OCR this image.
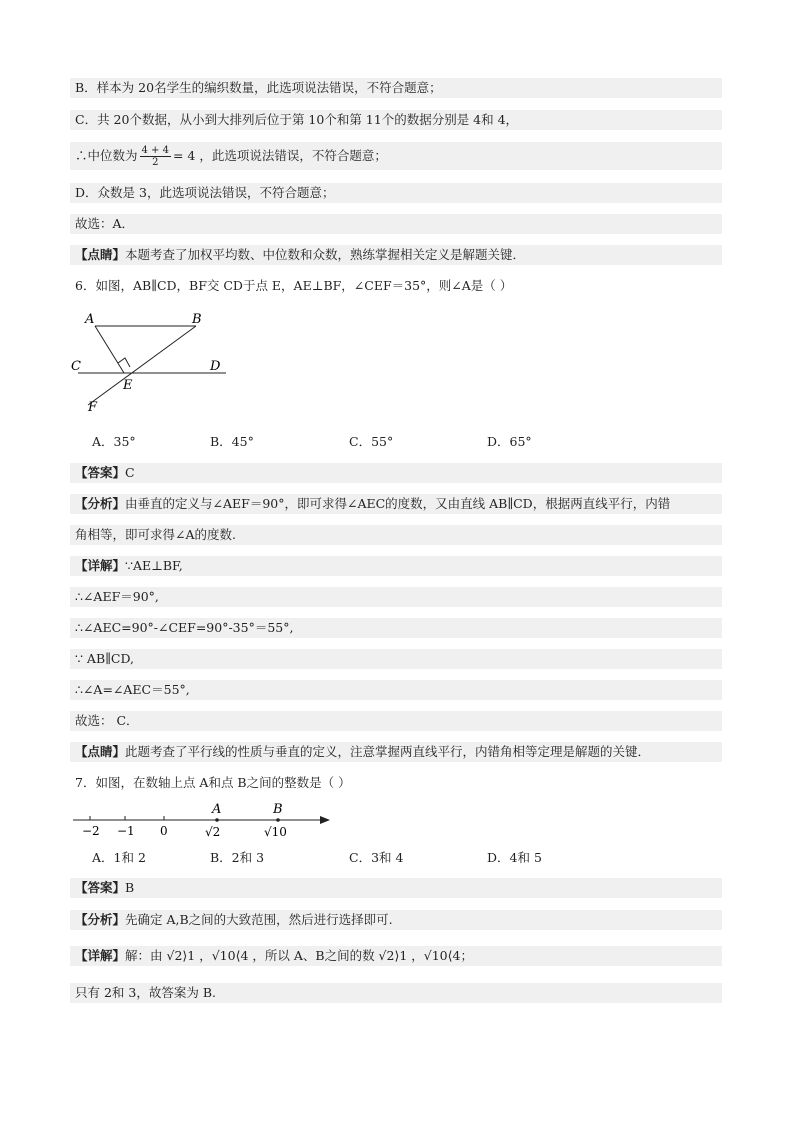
B．样本为 20名学生的编织数量，此选项说法错误，不符合题意；
C．共 20个数据，从小到大排列后位于第 10个和第 11个的数据分别是 4和 4，
∴中位数为 $\frac{4 + 4}{2} = 4$ ，此选项说法错误，不符合题意；
D．众数是 3，此选项说法错误，不符合题意；
故选：A．
【点睛】本题考查了加权平均数、中位数和众数，熟练掌握相关定义是解题关键．
6．如图，AB∥CD，BF交 CD于点 E，AE⊥BF，∠CEF＝35°，则∠A是（ ）
A	B
C	D
E
F
A．35°	B．45°	C．55°	D．65°
【答案】C
【分析】由垂直的定义与∠AEF＝90°，即可求得∠AEC的度数，又由直线 AB∥CD，根据两直线平行，内错
角相等，即可求得∠A的度数.
【详解】∵AE⊥BF,
∴∠AEF＝90°,
∴∠AEC=90°-∠CEF=90°-35°＝55°,
∵ AB∥CD,
∴∠A=∠AEC＝55°,
故选： C．
【点睛】此题考查了平行线的性质与垂直的定义，注意掌握两直线平行，内错角相等定理是解题的关键．
7．如图，在数轴上点 A和点 B之间的整数是（ ）
−2 −1 0
A	B
√2	√10
A．1和 2	B．2和 3	C．3和 4	D．4和 5
【答案】B
【分析】先确定 A,B之间的大致范围，然后进行选择即可.
【详解】解：由 √2⟩1 ，√10⟨4 ，所以 A、B之间的数 √2⟩1 ，√10⟨4；
只有 2和 3，故答案为 B.
